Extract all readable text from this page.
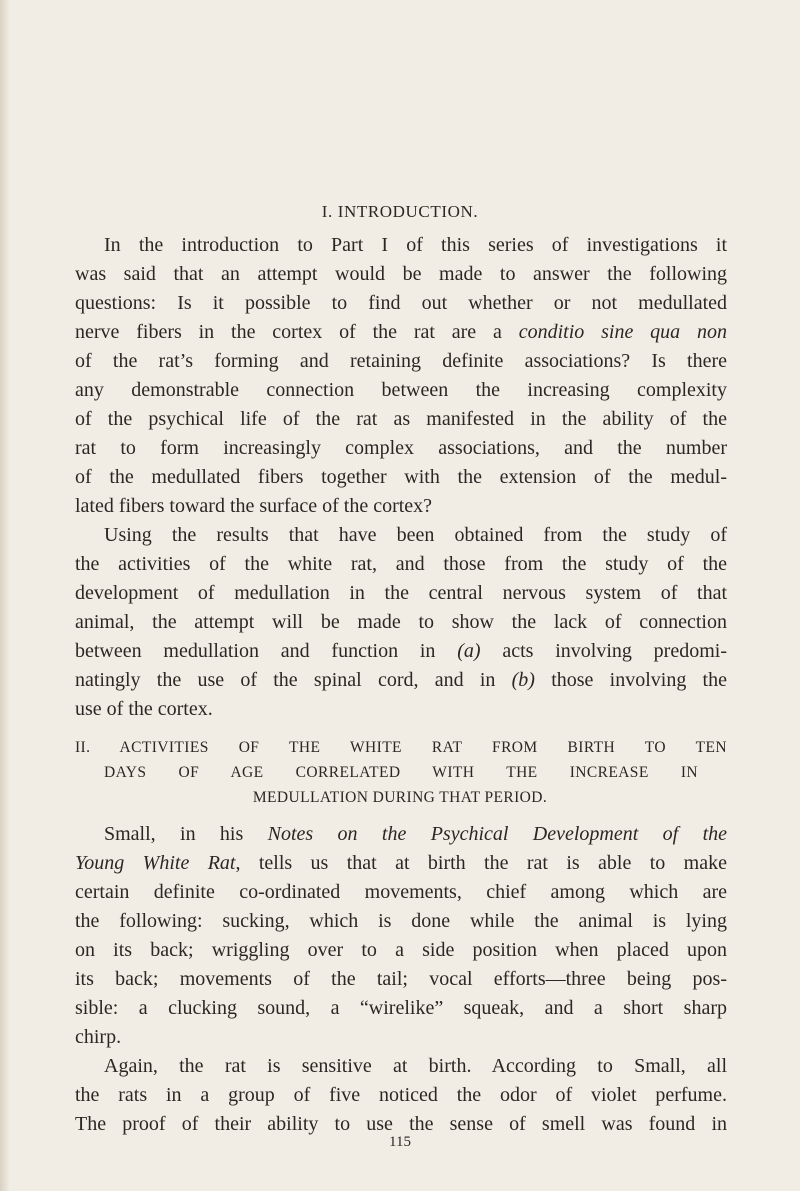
I. INTRODUCTION.
In the introduction to Part I of this series of investigations it
was said that an attempt would be made to answer the following
questions: Is it possible to find out whether or not medullated
nerve fibers in the cortex of the rat are a conditio sine qua non
of the rat’s forming and retaining definite associations? Is there
any demonstrable connection between the increasing complexity
of the psychical life of the rat as manifested in the ability of the
rat to form increasingly complex associations, and the number
of the medullated fibers together with the extension of the medul-
lated fibers toward the surface of the cortex?
Using the results that have been obtained from the study of
the activities of the white rat, and those from the study of the
development of medullation in the central nervous system of that
animal, the attempt will be made to show the lack of connection
between medullation and function in (a) acts involving predomi-
natingly the use of the spinal cord, and in (b) those involving the
use of the cortex.
II. ACTIVITIES OF THE WHITE RAT FROM BIRTH TO TEN
DAYS OF AGE CORRELATED WITH THE INCREASE IN
MEDULLATION DURING THAT PERIOD.
Small, in his Notes on the Psychical Development of the
Young White Rat, tells us that at birth the rat is able to make
certain definite co-ordinated movements, chief among which are
the following: sucking, which is done while the animal is lying
on its back; wriggling over to a side position when placed upon
its back; movements of the tail; vocal efforts—three being pos-
sible: a clucking sound, a “wirelike” squeak, and a short sharp
chirp.
Again, the rat is sensitive at birth. According to Small, all
the rats in a group of five noticed the odor of violet perfume.
The proof of their ability to use the sense of smell was found in
115
